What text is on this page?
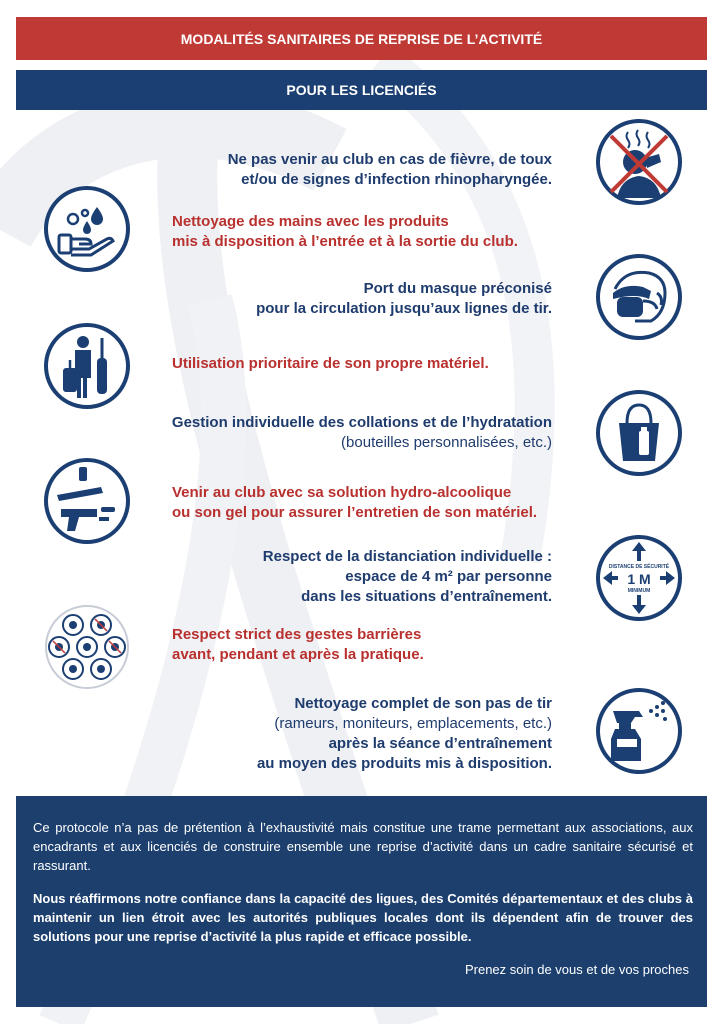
MODALITÉS SANITAIRES DE REPRISE DE L’ACTIVITÉ
POUR LES LICENCIÉS
Ne pas venir au club en cas de fièvre, de toux
et/ou de signes d’infection rhinopharyngée.
Nettoyage des mains avec les produits
mis à disposition à l’entrée et à la sortie du club.
Port du masque préconisé
pour la circulation jusqu’aux lignes de tir.
Utilisation prioritaire de son propre matériel.
Gestion individuelle des collations et de l’hydratation
(bouteilles personnalisées, etc.)
Venir au club avec sa solution hydro-alcoolique
ou son gel pour assurer l’entretien de son matériel.
Respect de la distanciation individuelle :
espace de 4 m² par personne
dans les situations d’entraînement.
DISTANCE DE SÉCURITÉ
1 M
MINIMUM
Respect strict des gestes barrières
avant, pendant et après la pratique.
Nettoyage complet de son pas de tir
(rameurs, moniteurs, emplacements, etc.)
après la séance d’entraînement
au moyen des produits mis à disposition.

Ce protocole n’a pas de prétention à l’exhaustivité mais constitue une trame permettant aux associations, aux encadrants et aux licenciés de construire ensemble une reprise d’activité dans un cadre sanitaire sécurisé et rassurant.

Nous réaffirmons notre confiance dans la capacité des ligues, des Comités départementaux et des clubs à maintenir un lien étroit avec les autorités publiques locales dont ils dépendent afin de trouver des solutions pour une reprise d’activité la plus rapide et efficace possible.

Prenez soin de vous et de vos proches
